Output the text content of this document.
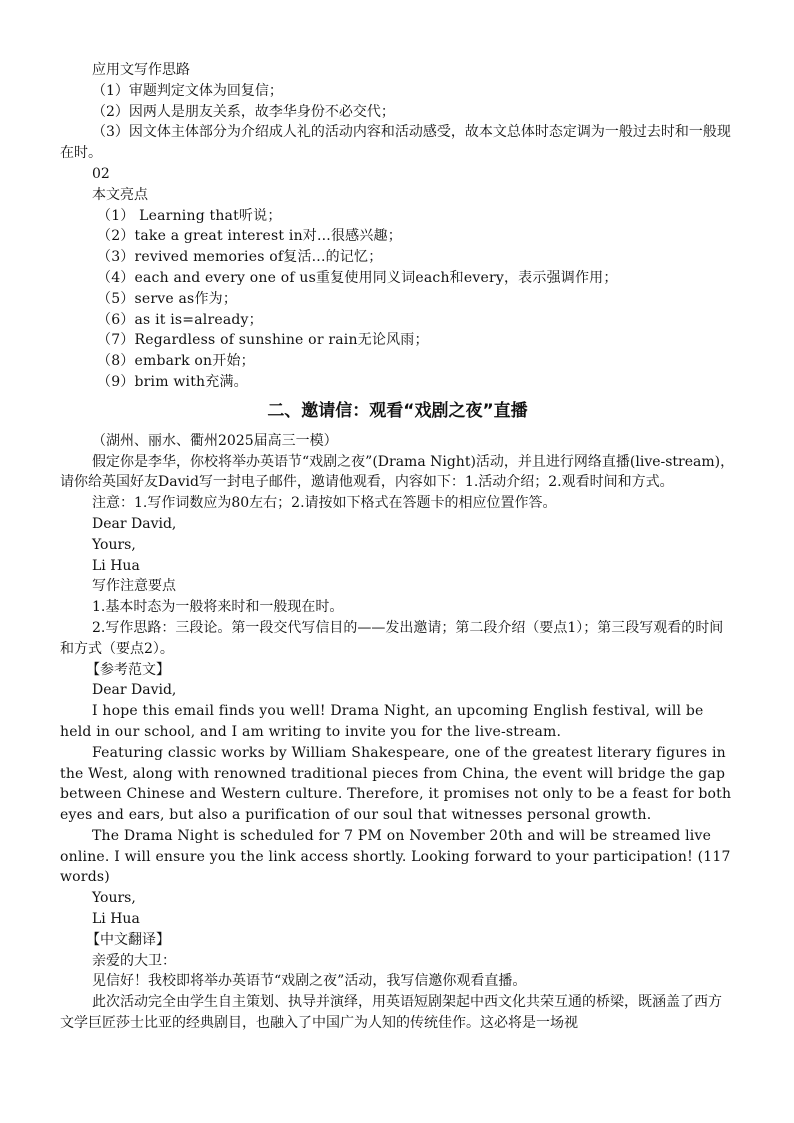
应用文写作思路

（1）审题判定文体为回复信；

（2）因两人是朋友关系，故李华身份不必交代；

（3）因文体主体部分为介绍成人礼的活动内容和活动感受，故本文总体时态定调为一般过去时和一般现在时。

02

本文亮点

（1） Learning that听说；
（2）take a great interest in对...很感兴趣；
（3）revived memories of复活...的记忆；
（4）each and every one of us重复使用同义词each和every，表示强调作用；
（5）serve as作为；
（6）as it is=already；
（7）Regardless of sunshine or rain无论风雨；
（8）embark on开始；
（9）brim with充满。
二、邀请信：观看“戏剧之夜”直播

（湖州、丽水、衢州2025届高三一模）

假定你是李华，你校将举办英语节“戏剧之夜”(Drama Night)活动，并且进行网络直播(live-stream)，请你给英国好友David写一封电子邮件，邀请他观看，内容如下：1.活动介绍；2.观看时间和方式。

注意：1.写作词数应为80左右；2.请按如下格式在答题卡的相应位置作答。

Dear David,

Yours,

Li Hua

写作注意要点

1.基本时态为一般将来时和一般现在时。

2.写作思路：三段论。第一段交代写信目的——发出邀请；第二段介绍（要点1）；第三段写观看的时间和方式（要点2）。

【参考范文】

Dear David,

I hope this email finds you well! Drama Night, an upcoming English festival, will be held in our school, and I am writing to invite you for the live-stream.

Featuring classic works by William Shakespeare, one of the greatest literary figures in the West, along with renowned traditional pieces from China, the event will bridge the gap between Chinese and Western culture. Therefore, it promises not only to be a feast for both eyes and ears, but also a purification of our soul that witnesses personal growth.

The Drama Night is scheduled for 7 PM on November 20th and will be streamed live online. I will ensure you the link access shortly. Looking forward to your participation! (117 words)

Yours,

Li Hua

【中文翻译】

亲爱的大卫：

见信好！我校即将举办英语节“戏剧之夜”活动，我写信邀你观看直播。

此次活动完全由学生自主策划、执导并演绎，用英语短剧架起中西文化共荣互通的桥梁，既涵盖了西方文学巨匠莎士比亚的经典剧目，也融入了中国广为人知的传统佳作。这必将是一场视
